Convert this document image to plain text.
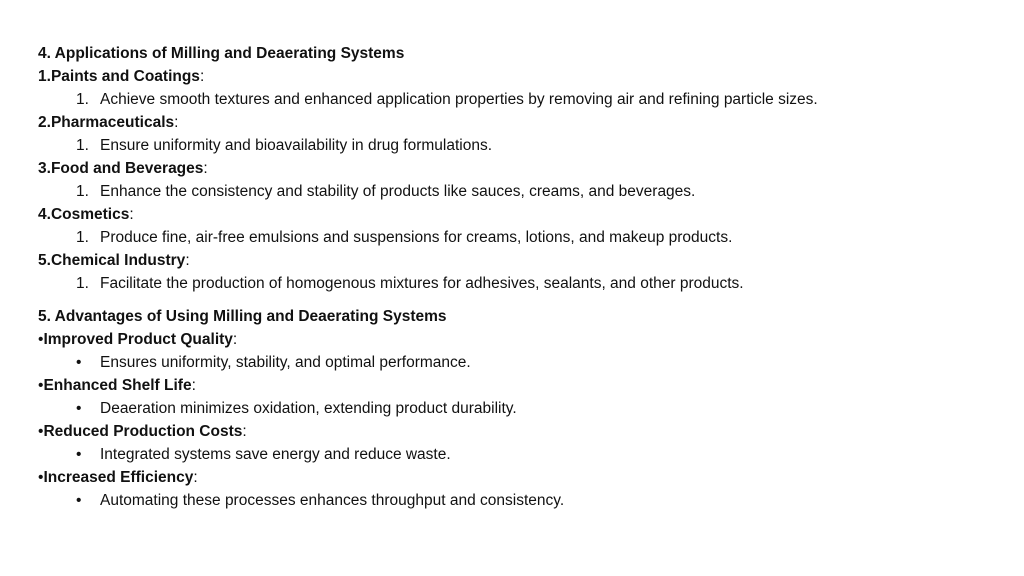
4. Applications of Milling and Deaerating Systems
1.Paints and Coatings:
1. Achieve smooth textures and enhanced application properties by removing air and refining particle sizes.
2.Pharmaceuticals:
1. Ensure uniformity and bioavailability in drug formulations.
3.Food and Beverages:
1. Enhance the consistency and stability of products like sauces, creams, and beverages.
4.Cosmetics:
1. Produce fine, air-free emulsions and suspensions for creams, lotions, and makeup products.
5.Chemical Industry:
1. Facilitate the production of homogenous mixtures for adhesives, sealants, and other products.
5. Advantages of Using Milling and Deaerating Systems
•Improved Product Quality:
• Ensures uniformity, stability, and optimal performance.
•Enhanced Shelf Life:
• Deaeration minimizes oxidation, extending product durability.
•Reduced Production Costs:
• Integrated systems save energy and reduce waste.
•Increased Efficiency:
• Automating these processes enhances throughput and consistency.
